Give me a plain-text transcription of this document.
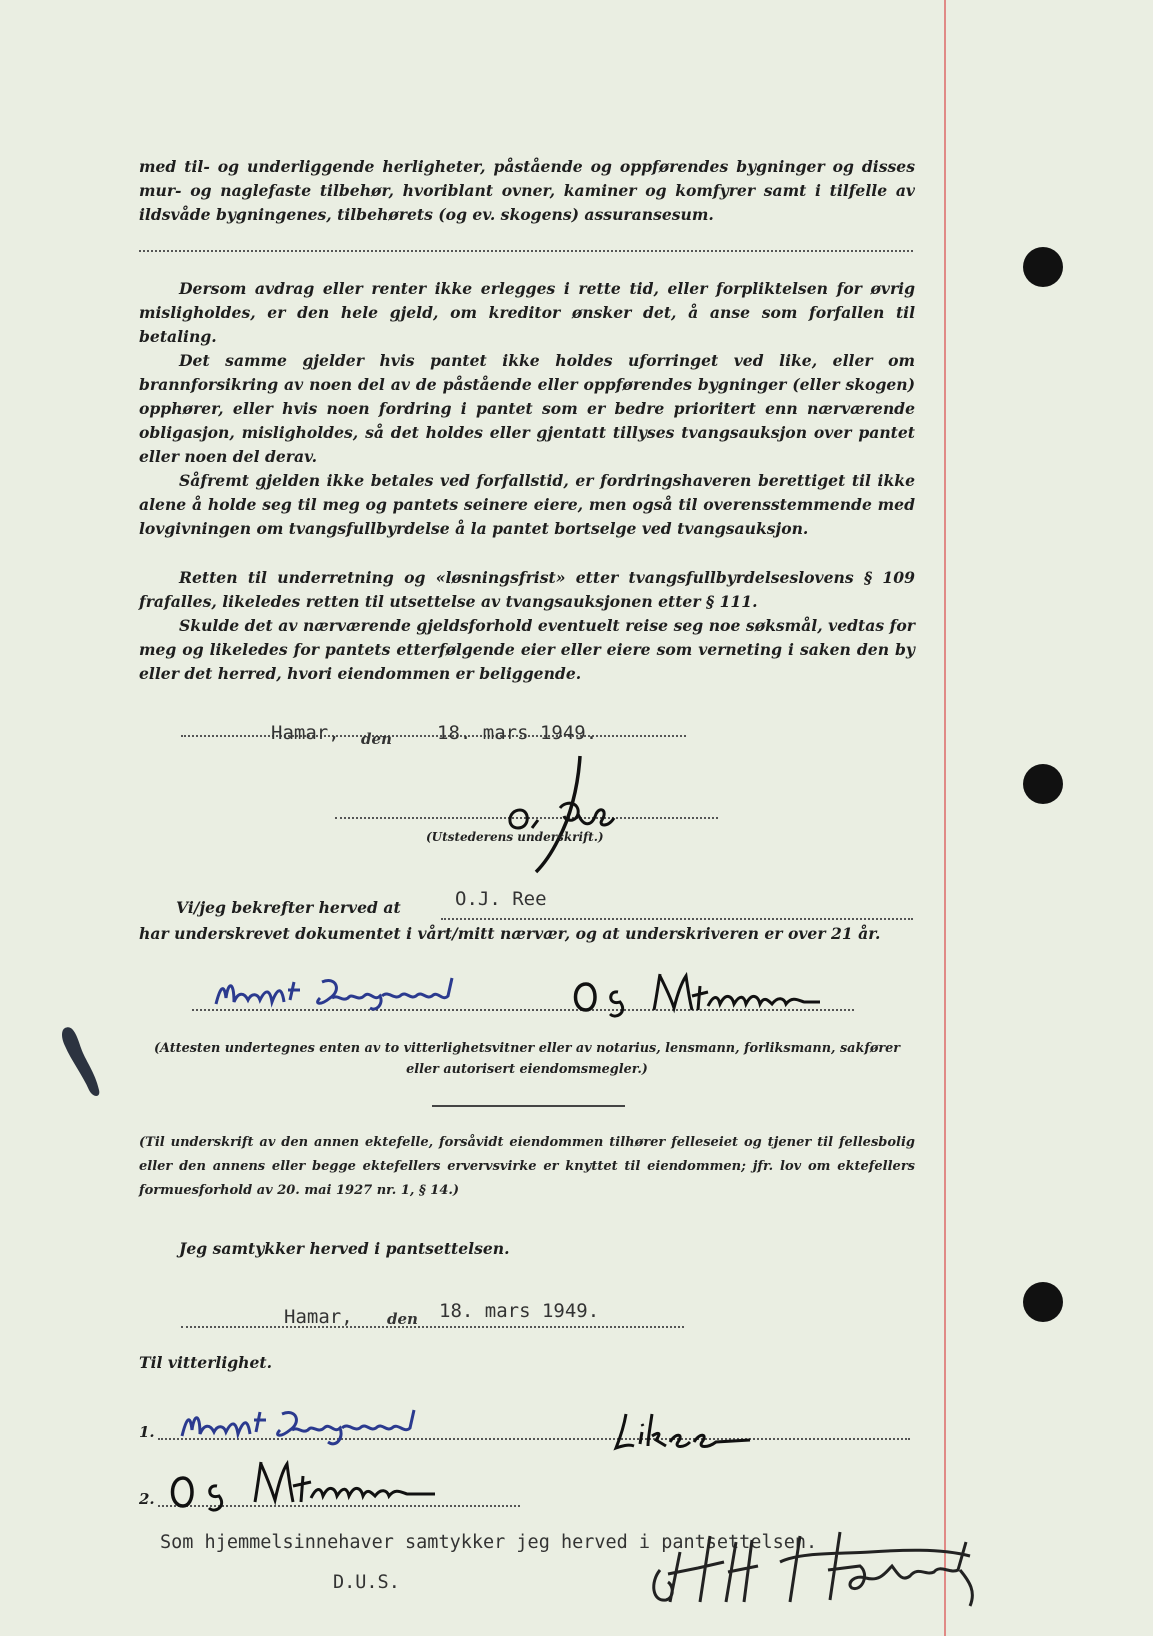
med til- og underliggende herligheter, påstående og oppførendes bygninger og disses mur- og naglefaste tilbehør, hvoriblant ovner, kaminer og komfyrer samt i tilfelle av ildsvåde bygningenes, tilbehørets (og ev. skogens) assuransesum.

Dersom avdrag eller renter ikke erlegges i rette tid, eller forpliktelsen for øvrig misligholdes, er den hele gjeld, om kreditor ønsker det, å anse som forfallen til betaling.

Det samme gjelder hvis pantet ikke holdes uforringet ved like, eller om brannforsikring av noen del av de påstående eller oppførendes bygninger (eller skogen) opphører, eller hvis noen fordring i pantet som er bedre prioritert enn nærværende obligasjon, misligholdes, så det holdes eller gjentatt tillyses tvangsauksjon over pantet eller noen del derav.

Såfremt gjelden ikke betales ved forfallstid, er fordringshaveren berettiget til ikke alene å holde seg til meg og pantets seinere eiere, men også til overensstemmende med lovgivningen om tvangsfullbyrdelse å la pantet bortselge ved tvangsauksjon.

Retten til underretning og «løsningsfrist» etter tvangsfullbyrdelseslovens § 109 frafalles, likeledes retten til utsettelse av tvangsauksjonen etter § 111.

Skulde det av nærværende gjeldsforhold eventuelt reise seg noe søksmål, vedtas for meg og likeledes for pantets etterfølgende eier eller eiere som verneting i saken den by eller det herred, hvori eiendommen er beliggende.

Hamar, den 18. mars 1949.
(Utstederens underskrift.)
Vi/jeg bekrefter herved at	O.J. Ree
har underskrevet dokumentet i vårt/mitt nærvær, og at underskriveren er over 21 år.

(Attesten undertegnes enten av to vitterlighetsvitner eller av notarius, lensmann, forliksmann, sakfører eller autorisert eiendomsmegler.)

(Til underskrift av den annen ektefelle, forsåvidt eiendommen tilhører felleseiet og tjener til fellesbolig eller den annens eller begge ektefellers ervervsvirke er knyttet til eiendommen; jfr. lov om ektefellers formuesforhold av 20. mai 1927 nr. 1, § 14.)

Jeg samtykker herved i pantsettelsen.
Hamar, den 18. mars 1949.
Til vitterlighet.
1.
2.
Som hjemmelsinnehaver samtykker jeg herved i pantsettelsen.
D.U.S.
